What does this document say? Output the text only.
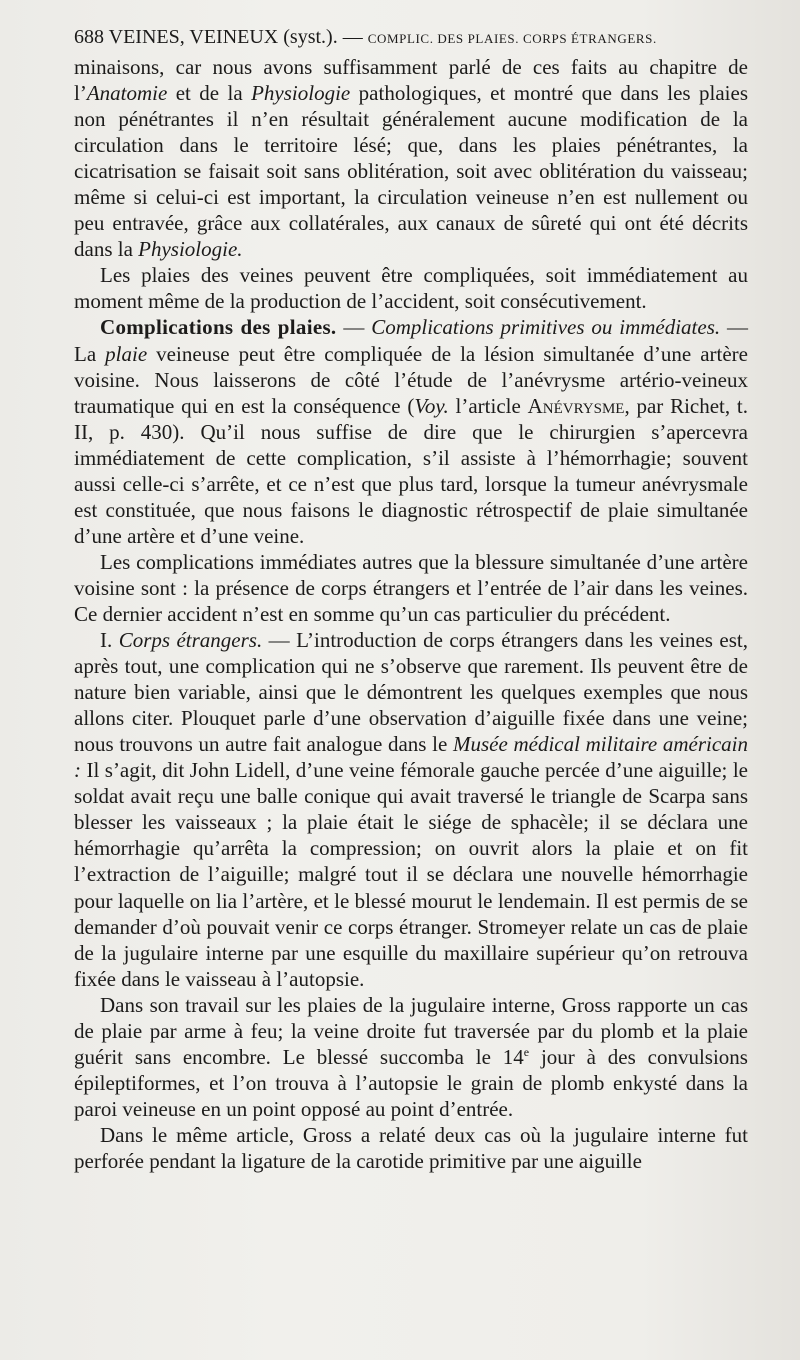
688 VEINES, VEINEUX (syst.). — COMPLIC. DES PLAIES. CORPS ÉTRANGERS.

minaisons, car nous avons suffisamment parlé de ces faits au chapitre de l’Anatomie et de la Physiologie pathologiques, et montré que dans les plaies non pénétrantes il n’en résultait généralement aucune modification de la circulation dans le territoire lésé; que, dans les plaies pénétrantes, la cicatrisation se faisait soit sans oblitération, soit avec oblitération du vaisseau; même si celui-ci est important, la circulation veineuse n’en est nullement ou peu entravée, grâce aux collatérales, aux canaux de sûreté qui ont été décrits dans la Physiologie.

Les plaies des veines peuvent être compliquées, soit immédiatement au moment même de la production de l’accident, soit consécutivement.

Complications des plaies. — Complications primitives ou immédiates. — La plaie veineuse peut être compliquée de la lésion simultanée d’une artère voisine. Nous laisserons de côté l’étude de l’anévrysme artério-veineux traumatique qui en est la conséquence (Voy. l’article Anévrysme, par Richet, t. II, p. 430). Qu’il nous suffise de dire que le chirurgien s’apercevra immédiatement de cette complication, s’il assiste à l’hémorrhagie; souvent aussi celle-ci s’arrête, et ce n’est que plus tard, lorsque la tumeur anévrysmale est constituée, que nous faisons le diagnostic rétrospectif de plaie simultanée d’une artère et d’une veine.

Les complications immédiates autres que la blessure simultanée d’une artère voisine sont : la présence de corps étrangers et l’entrée de l’air dans les veines. Ce dernier accident n’est en somme qu’un cas particulier du précédent.

I. Corps étrangers. — L’introduction de corps étrangers dans les veines est, après tout, une complication qui ne s’observe que rarement. Ils peuvent être de nature bien variable, ainsi que le démontrent les quelques exemples que nous allons citer. Plouquet parle d’une observation d’aiguille fixée dans une veine; nous trouvons un autre fait analogue dans le Musée médical militaire américain : Il s’agit, dit John Lidell, d’une veine fémorale gauche percée d’une aiguille; le soldat avait reçu une balle conique qui avait traversé le triangle de Scarpa sans blesser les vaisseaux ; la plaie était le siége de sphacèle; il se déclara une hémorrhagie qu’arrêta la compression; on ouvrit alors la plaie et on fit l’extraction de l’aiguille; malgré tout il se déclara une nouvelle hémorrhagie pour laquelle on lia l’artère, et le blessé mourut le lendemain. Il est permis de se demander d’où pouvait venir ce corps étranger. Stromeyer relate un cas de plaie de la jugulaire interne par une esquille du maxillaire supérieur qu’on retrouva fixée dans le vaisseau à l’autopsie.

Dans son travail sur les plaies de la jugulaire interne, Gross rapporte un cas de plaie par arme à feu; la veine droite fut traversée par du plomb et la plaie guérit sans encombre. Le blessé succomba le 14e jour à des convulsions épileptiformes, et l’on trouva à l’autopsie le grain de plomb enkysté dans la paroi veineuse en un point opposé au point d’entrée.

Dans le même article, Gross a relaté deux cas où la jugulaire interne fut perforée pendant la ligature de la carotide primitive par une aiguille
